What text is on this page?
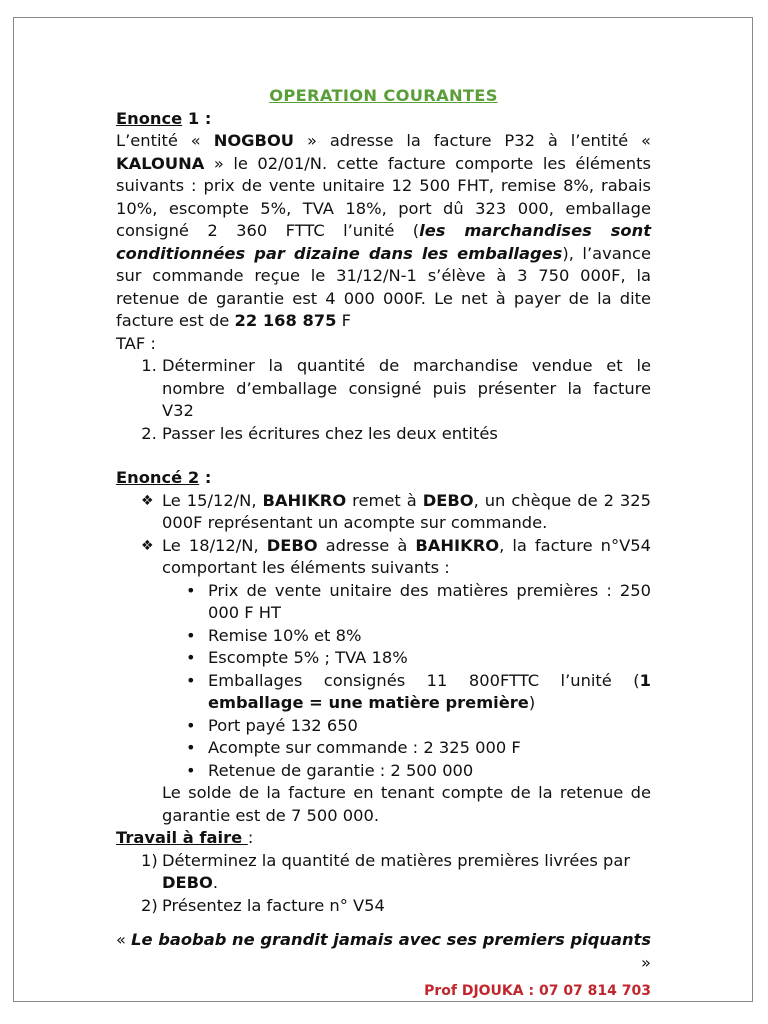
OPERATION COURANTES
Enonce 1 :
L’entité « NOGBOU » adresse la facture P32 à l’entité « KALOUNA » le 02/01/N. cette facture comporte les éléments suivants : prix de vente unitaire 12 500 FHT, remise 8%, rabais 10%, escompte 5%, TVA 18%, port dû 323 000, emballage consigné 2 360 FTTC l’unité (les marchandises sont conditionnées par dizaine dans les emballages), l’avance sur commande reçue le 31/12/N-1 s’élève à 3 750 000F, la retenue de garantie est 4 000 000F. Le net à payer de la dite facture est de 22 168 875 F
TAF :
1. Déterminer la quantité de marchandise vendue et le nombre d’emballage consigné puis présenter la facture V32
2. Passer les écritures chez les deux entités
Enoncé 2 :
❖ Le 15/12/N, BAHIKRO remet à DEBO, un chèque de 2 325 000F représentant un acompte sur commande.
❖ Le 18/12/N, DEBO adresse à BAHIKRO, la facture n°V54 comportant les éléments suivants :
• Prix de vente unitaire des matières premières : 250 000 F HT
• Remise 10% et 8%
• Escompte 5% ; TVA 18%
• Emballages consignés 11 800FTTC l’unité (1 emballage = une matière première)
• Port payé 132 650
• Acompte sur commande : 2 325 000 F
• Retenue de garantie : 2 500 000
Le solde de la facture en tenant compte de la retenue de garantie est de 7 500 000.
Travail à faire :
1) Déterminez la quantité de matières premières livrées par DEBO.
2) Présentez la facture n° V54
« Le baobab ne grandit jamais avec ses premiers piquants »
Prof DJOUKA : 07 07 814 703
